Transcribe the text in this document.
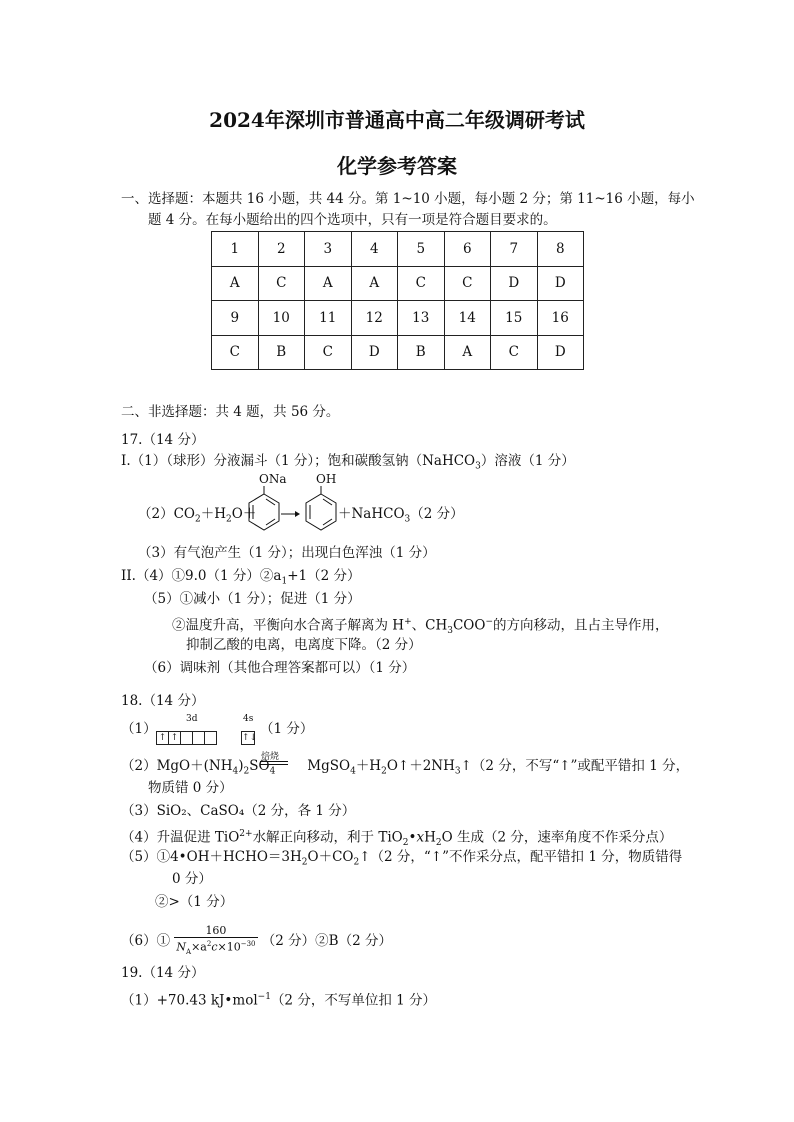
2024年深圳市普通高中高二年级调研考试
化学参考答案
一、选择题：本题共 16 小题，共 44 分。第 1~10 小题，每小题 2 分；第 11~16 小题，每小
题 4 分。在每小题给出的四个选项中，只有一项是符合题目要求的。
1	2	3	4	5	6	7	8
A	C	A	A	C	C	D	D
9	10	11	12	13	14	15	16
C	B	C	D	B	A	C	D
二、非选择题：共 4 题，共 56 分。
17.（14 分）
I.（1）（球形）分液漏斗（1 分）；饱和碳酸氢钠（NaHCO$_3$）溶液（1 分）
ONa OH
$(2)CO_2+H_2O+$	＋NaHCO$_3$（2 分）
（3）有气泡产生（1 分）；出现白色浑浊（1 分）
II.（4）①9.0（1 分）$②a_1+1(2$ 分）
（5）①减小（1 分）；促进（1 分）
②温度升高，平衡向水合离子解离为 H+、$CH_3COO^-$的方向移动，且占主导作用，
抑制乙酸的电离，电离度下降。（2 分）
（6）调味剂（其他合理答案都可以）（1 分）
18.（14 分）
（1）
3d	4s
↑ ↑	↑↓
（1 分）
焙烧
$(2)MgO+(NH_4)_2SO_4$ $MgSO_4+H_2O↑+2NH_3↑(2$ 分，不写“↑”或配平错扣 1 分，
物质错 0 分）
（3）SiO₂、CaSO₄（2 分，各 1 分）
（4）升温促进 TiO$^{2+}$水解正向移动，利于 $TiO_2•xH_2O$ 生成（2 分，速率角度不作采分点）
$(5)①4•OH+HCHO=3H_2O+CO_2↑(2$ 分，“↑”不作采分点，配平错扣 1 分，物质错得
0 分）
②>（1 分）
（6）① $\frac{160}{N_A\times a^2c\times 10^{-30}} (2$ 分）②B（2 分）
19.（14 分）
（1）+70.43 kJ•mol$^{-1}$（2 分，不写单位扣 1 分）
